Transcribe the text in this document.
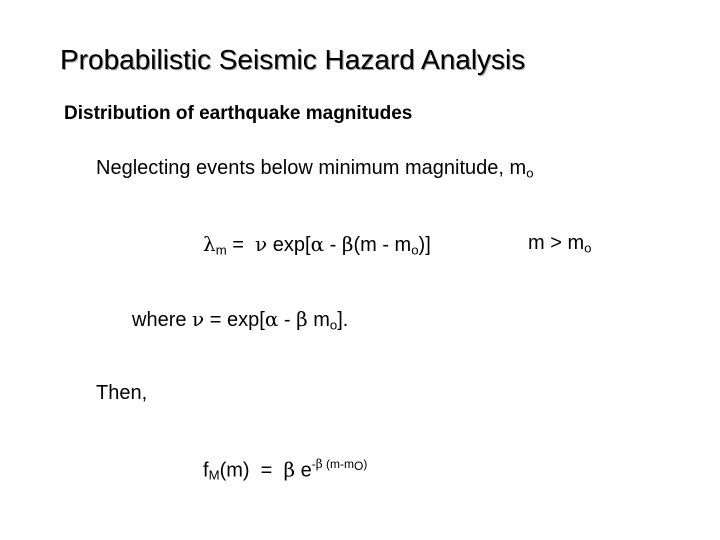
Probabilistic Seismic Hazard Analysis
Distribution of earthquake magnitudes
Neglecting events below minimum magnitude, $m_o$
$\lambda_m = \nu$ $\exp[\alpha - \beta(m - m_o)]$	$m > m_o$
where ν = exp[α - β $m_o$].
Then,
$f_M(m) = \beta$ $e^{-\beta (m-m_O)}$
